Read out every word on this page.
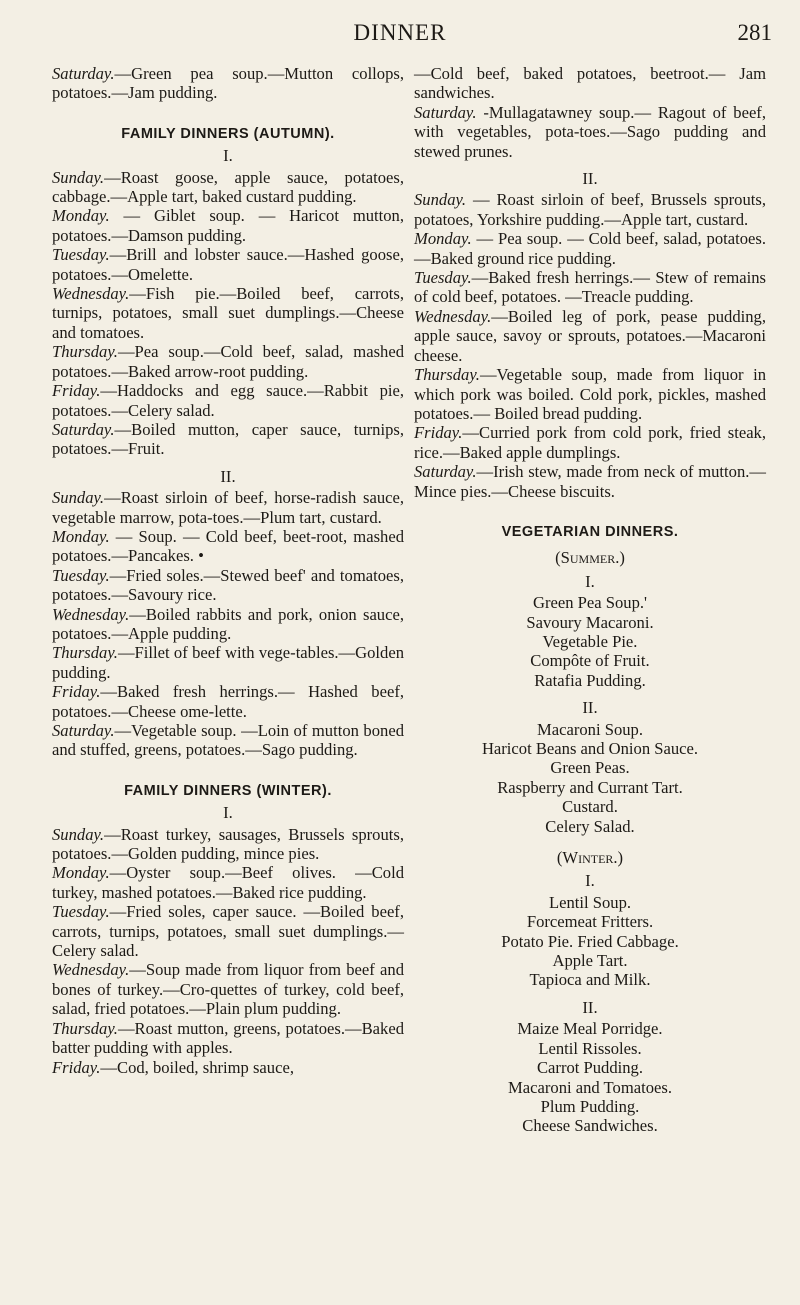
DINNER	281

Saturday.—Green pea soup.—Mutton collops, potatoes.—Jam pudding.

FAMILY DINNERS (AUTUMN).
I.

Sunday.—Roast goose, apple sauce, potatoes, cabbage.—Apple tart, baked custard pudding.

Monday. — Giblet soup. — Haricot mutton, potatoes.—Damson pudding.

Tuesday.—Brill and lobster sauce.—Hashed goose, potatoes.—Omelette.

Wednesday.—Fish pie.—Boiled beef, carrots, turnips, potatoes, small suet dumplings.—Cheese and tomatoes.

Thursday.—Pea soup.—Cold beef, salad, mashed potatoes.—Baked arrow-root pudding.

Friday.—Haddocks and egg sauce.—Rabbit pie, potatoes.—Celery salad.

Saturday.—Boiled mutton, caper sauce, turnips, potatoes.—Fruit.

II.

Sunday.—Roast sirloin of beef, horse-radish sauce, vegetable marrow, pota-toes.—Plum tart, custard.

Monday. — Soup. — Cold beef, beet-root, mashed potatoes.—Pancakes. •

Tuesday.—Fried soles.—Stewed beef' and tomatoes, potatoes.—Savoury rice.

Wednesday.—Boiled rabbits and pork, onion sauce, potatoes.—Apple pudding.

Thursday.—Fillet of beef with vege-tables.—Golden pudding.

Friday.—Baked fresh herrings.— Hashed beef, potatoes.—Cheese ome-lette.

Saturday.—Vegetable soup. —Loin of mutton boned and stuffed, greens, potatoes.—Sago pudding.

FAMILY DINNERS (WINTER).
I.

Sunday.—Roast turkey, sausages, Brussels sprouts, potatoes.—Golden pudding, mince pies.

Monday.—Oyster soup.—Beef olives. —Cold turkey, mashed potatoes.—Baked rice pudding.

Tuesday.—Fried soles, caper sauce. —Boiled beef, carrots, turnips, potatoes, small suet dumplings.—Celery salad.

Wednesday.—Soup made from liquor from beef and bones of turkey.—Cro-quettes of turkey, cold beef, salad, fried potatoes.—Plain plum pudding.

Thursday.—Roast mutton, greens, potatoes.—Baked batter pudding with apples.

Friday.—Cod, boiled, shrimp sauce,

—Cold beef, baked potatoes, beetroot.— Jam sandwiches.

Saturday. -Mullagatawney soup.— Ragout of beef, with vegetables, pota-toes.—Sago pudding and stewed prunes.

II.

Sunday. — Roast sirloin of beef, Brussels sprouts, potatoes, Yorkshire pudding.—Apple tart, custard.

Monday. — Pea soup. — Cold beef, salad, potatoes.—Baked ground rice pudding.

Tuesday.—Baked fresh herrings.— Stew of remains of cold beef, potatoes. —Treacle pudding.

Wednesday.—Boiled leg of pork, pease pudding, apple sauce, savoy or sprouts, potatoes.—Macaroni cheese.

Thursday.—Vegetable soup, made from liquor in which pork was boiled. Cold pork, pickles, mashed potatoes.— Boiled bread pudding.

Friday.—Curried pork from cold pork, fried steak, rice.—Baked apple dumplings.

Saturday.—Irish stew, made from neck of mutton.—Mince pies.—Cheese biscuits.

VEGETARIAN DINNERS.
(Summer.)
I.
Green Pea Soup.'
Savoury Macaroni.
Vegetable Pie.
Compôte of Fruit.
Ratafia Pudding.
II.
Macaroni Soup.
Haricot Beans and Onion Sauce.
Green Peas.
Raspberry and Currant Tart.
Custard.
Celery Salad.
(Winter.)
I.
Lentil Soup.
Forcemeat Fritters.
Potato Pie. Fried Cabbage.
Apple Tart.
Tapioca and Milk.
II.
Maize Meal Porridge.
Lentil Rissoles.
Carrot Pudding.
Macaroni and Tomatoes.
Plum Pudding.
Cheese Sandwiches.
